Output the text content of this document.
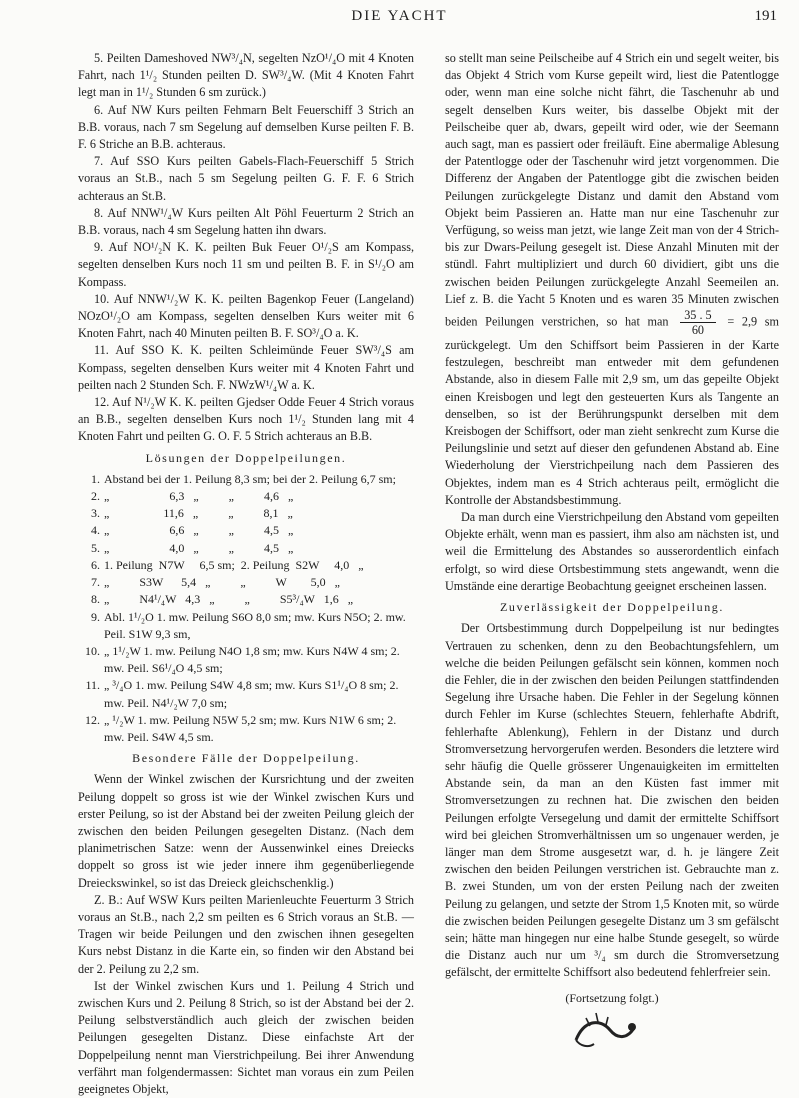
DIE YACHT	191

5. Peilten Dameshoved NW³/₄N, segelten NzO¹/₄O mit 4 Knoten Fahrt, nach 1¹/₂ Stunden peilten D. SW³/₄W. (Mit 4 Knoten Fahrt legt man in 1¹/₂ Stunden 6 sm zurück.)

6. Auf NW Kurs peilten Fehmarn Belt Feuerschiff 3 Strich an B.B. voraus, nach 7 sm Segelung auf demselben Kurse peilten F. B. F. 6 Striche an B.B. achteraus.

7. Auf SSO Kurs peilten Gabels-Flach-Feuerschiff 5 Strich voraus an St.B., nach 5 sm Segelung peilten G. F. F. 6 Strich achteraus an St.B.

8. Auf NNW¹/₄W Kurs peilten Alt Pöhl Feuerturm 2 Strich an B.B. voraus, nach 4 sm Segelung hatten ihn dwars.

9. Auf NO¹/₂N K. K. peilten Buk Feuer O¹/₂S am Kompass, segelten denselben Kurs noch 11 sm und peilten B. F. in S¹/₂O am Kompass.

10. Auf NNW¹/₂W K. K. peilten Bagenkop Feuer (Langeland) NOzO¹/₂O am Kompass, segelten denselben Kurs weiter mit 6 Knoten Fahrt, nach 40 Minuten peilten B. F. SO³/₄O a. K.

11. Auf SSO K. K. peilten Schleimünde Feuer SW³/₄S am Kompass, segelten denselben Kurs weiter mit 4 Knoten Fahrt und peilten nach 2 Stunden Sch. F. NWzW¹/₄W a. K.

12. Auf N¹/₂W K. K. peilten Gjedser Odde Feuer 4 Strich voraus an B.B., segelten denselben Kurs noch 1¹/₂ Stunden lang mit 4 Knoten Fahrt und peilten G. O. F. 5 Strich achteraus an B.B.

Lösungen der Doppelpeilungen.
1.	Abstand bei der 1. Peilung 8,3 sm; bei der 2. Peilung 6,7 sm;
2.	„                    6,3   „          „          4,6   „
3.	„                  11,6   „          „          8,1   „
4.	„                    6,6   „          „          4,5   „
5.	„                    4,0   „          „          4,5   „
6.	1. Peilung  N7W     6,5 sm;  2. Peilung  S2W     4,0   „
7.	„          S3W      5,4   „          „          W        5,0   „
8.	„          N4¹/₄W   4,3   „          „          S5³/₄W   1,6   „
9.	Abl. 1¹/₂O 1. mw. Peilung S6O 8,0 sm; mw. Kurs N5O; 2. mw. Peil. S1W 9,3 sm,
10.	„ 1¹/₂W 1. mw. Peilung N4O 1,8 sm; mw. Kurs N4W 4 sm; 2. mw. Peil. S6¹/₄O 4,5 sm;
11.	„ ³/₄O 1. mw. Peilung S4W 4,8 sm; mw. Kurs S1¹/₄O 8 sm; 2. mw. Peil. N4¹/₂W 7,0 sm;
12.	„ ¹/₂W 1. mw. Peilung N5W 5,2 sm; mw. Kurs N1W 6 sm; 2. mw. Peil. S4W 4,5 sm.
Besondere Fälle der Doppelpeilung.

Wenn der Winkel zwischen der Kursrichtung und der zweiten Peilung doppelt so gross ist wie der Winkel zwischen Kurs und erster Peilung, so ist der Abstand bei der zweiten Peilung gleich der zwischen den beiden Peilungen gesegelten Distanz. (Nach dem planimetrischen Satze: wenn der Aussenwinkel eines Dreiecks doppelt so gross ist wie jeder innere ihm gegenüberliegende Dreieckswinkel, so ist das Dreieck gleichschenklig.)

Z. B.: Auf WSW Kurs peilten Marienleuchte Feuerturm 3 Strich voraus an St.B., nach 2,2 sm peilten es 6 Strich voraus an St.B. — Tragen wir beide Peilungen und den zwischen ihnen gesegelten Kurs nebst Distanz in die Karte ein, so finden wir den Abstand bei der 2. Peilung zu 2,2 sm.

Ist der Winkel zwischen Kurs und 1. Peilung 4 Strich und zwischen Kurs und 2. Peilung 8 Strich, so ist der Abstand bei der 2. Peilung selbstverständlich auch gleich der zwischen beiden Peilungen gesegelten Distanz. Diese einfachste Art der Doppelpeilung nennt man Vierstrichpeilung. Bei ihrer Anwendung verfährt man folgendermassen: Sichtet man voraus ein zum Peilen geeignetes Objekt,

so stellt man seine Peilscheibe auf 4 Strich ein und segelt weiter, bis das Objekt 4 Strich vom Kurse gepeilt wird, liest die Patentlogge oder, wenn man eine solche nicht fährt, die Taschenuhr ab und segelt denselben Kurs weiter, bis dasselbe Objekt mit der Peilscheibe quer ab, dwars, gepeilt wird oder, wie der Seemann auch sagt, man es passiert oder freiläuft. Eine abermalige Ablesung der Patentlogge oder der Taschenuhr wird jetzt vorgenommen. Die Differenz der Angaben der Patentlogge gibt die zwischen beiden Peilungen zurückgelegte Distanz und damit den Abstand vom Objekt beim Passieren an. Hatte man nur eine Taschenuhr zur Verfügung, so weiss man jetzt, wie lange Zeit man von der 4 Strich- bis zur Dwars-Peilung gesegelt ist. Diese Anzahl Minuten mit der stündl. Fahrt multipliziert und durch 60 dividiert, gibt uns die zwischen beiden Peilungen zurückgelegte Anzahl Seemeilen an. Lief z. B. die Yacht 5 Knoten und es waren 35 Minuten zwischen beiden Peilungen verstrichen, so hat man $\frac{35 . 5}{60} = 2,9$ sm zurückgelegt. Um den Schiffsort beim Passieren in der Karte festzulegen, beschreibt man entweder mit dem gefundenen Abstande, also in diesem Falle mit 2,9 sm, um das gepeilte Objekt einen Kreisbogen und legt den gesteuerten Kurs als Tangente an denselben, so ist der Berührungspunkt derselben mit dem Kreisbogen der Schiffsort, oder man zieht senkrecht zum Kurse die Peilungslinie und setzt auf dieser den gefundenen Abstand ab. Eine Wiederholung der Vierstrichpeilung nach dem Passieren des Objektes, indem man es 4 Strich achteraus peilt, ermöglicht die Kontrolle der Abstandsbestimmung.

Da man durch eine Vierstrichpeilung den Abstand vom gepeilten Objekte erhält, wenn man es passiert, ihm also am nächsten ist, und weil die Ermittelung des Abstandes so ausserordentlich einfach erfolgt, so wird diese Ortsbestimmung stets angewandt, wenn die Umstände eine derartige Beobachtung geeignet erscheinen lassen.

Zuverlässigkeit der Doppelpeilung.

Der Ortsbestimmung durch Doppelpeilung ist nur bedingtes Vertrauen zu schenken, denn zu den Beobachtungsfehlern, um welche die beiden Peilungen gefälscht sein können, kommen noch die Fehler, die in der zwischen den beiden Peilungen stattfindenden Segelung ihre Ursache haben. Die Fehler in der Segelung können durch Fehler im Kurse (schlechtes Steuern, fehlerhafte Abdrift, fehlerhafte Ablenkung), Fehlern in der Distanz und durch Stromversetzung hervorgerufen werden. Besonders die letztere wird sehr häufig die Quelle grösserer Ungenauigkeiten im ermittelten Abstande sein, da man an den Küsten fast immer mit Stromversetzungen zu rechnen hat. Die zwischen den beiden Peilungen erfolgte Versegelung und damit der ermittelte Schiffsort wird bei gleichen Stromverhältnissen um so ungenauer werden, je länger man dem Strome ausgesetzt war, d. h. je längere Zeit zwischen den beiden Peilungen verstrichen ist. Gebrauchte man z. B. zwei Stunden, um von der ersten Peilung nach der zweiten Peilung zu gelangen, und setzte der Strom 1,5 Knoten mit, so würde die zwischen beiden Peilungen gesegelte Distanz um 3 sm gefälscht sein; hätte man hingegen nur eine halbe Stunde gesegelt, so würde die Distanz auch nur um ³/₄ sm durch die Stromversetzung gefälscht, der ermittelte Schiffsort also bedeutend fehlerfreier sein.

(Fortsetzung folgt.)
